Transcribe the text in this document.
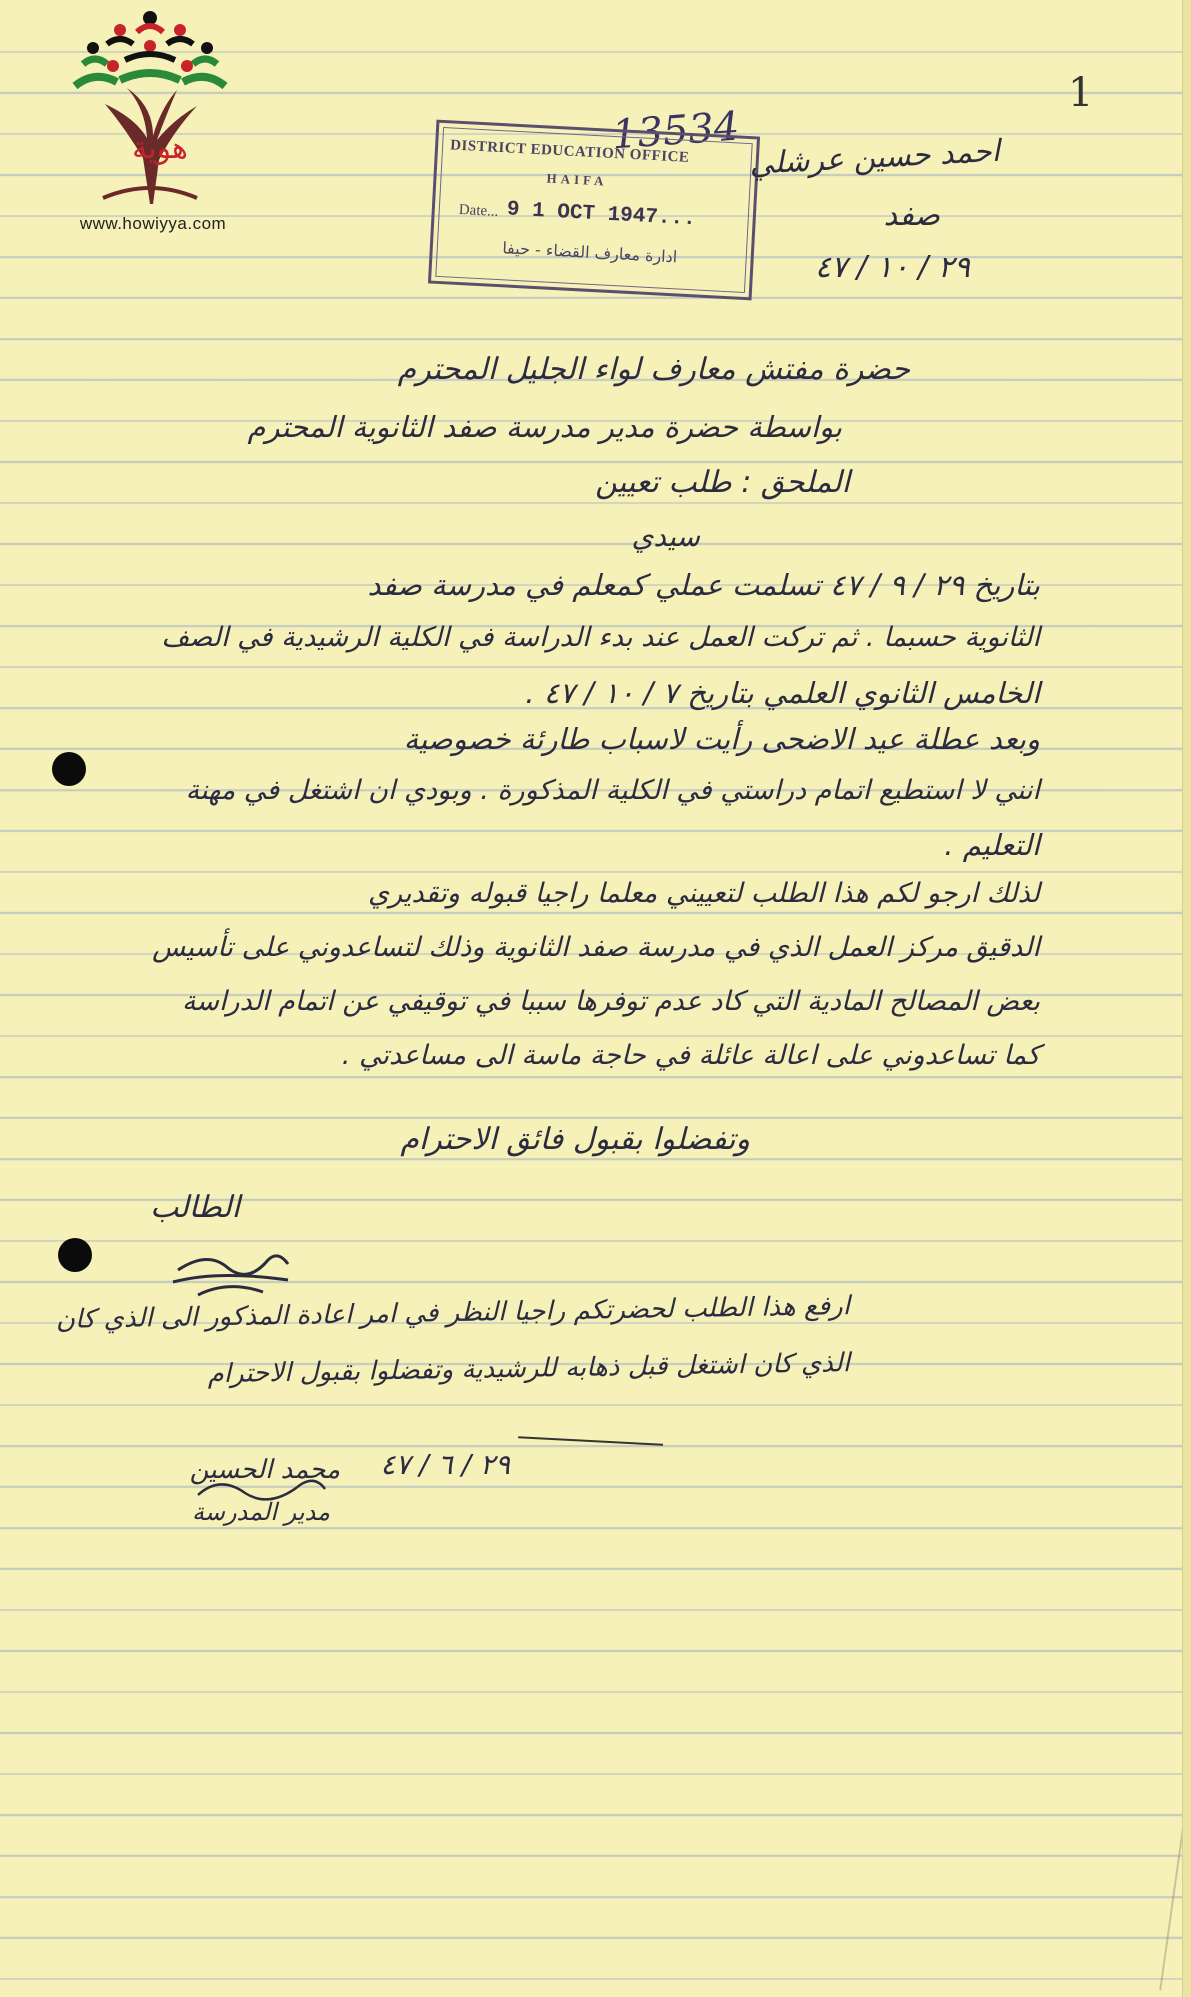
هوية
www.howiyya.com
1
13534
DISTRICT EDUCATION OFFICE
HAIFA
Date... 9 1 OCT 1947...
ادارة معارف القضاء - حيفا
احمد حسين عرشلي
صفد
٢٩ / ١٠ / ٤٧
حضرة مفتش معارف لواء الجليل المحترم
بواسطة حضرة مدير مدرسة صفد الثانوية المحترم
الملحق : طلب تعيين
سيدي
بتاريخ ٢٩ / ٩ / ٤٧ تسلمت عملي كمعلم في مدرسة صفد
الثانوية حسبما . ثم تركت العمل عند بدء الدراسة في الكلية الرشيدية في الصف
الخامس الثانوي العلمي بتاريخ ٧ / ١٠ / ٤٧ .
وبعد عطلة عيد الاضحى رأيت لاسباب طارئة خصوصية
انني لا استطيع اتمام دراستي في الكلية المذكورة . وبودي ان اشتغل في مهنة
التعليم .
لذلك ارجو لكم هذا الطلب لتعييني معلما راجيا قبوله وتقديري
الدقيق مركز العمل الذي في مدرسة صفد الثانوية وذلك لتساعدوني على تأسيس
بعض المصالح المادية التي كاد عدم توفرها سببا في توقيفي عن اتمام الدراسة
كما تساعدوني على اعالة عائلة في حاجة ماسة الى مساعدتي .
وتفضلوا بقبول فائق الاحترام
الطالب
ارفع هذا الطلب لحضرتكم راجيا النظر في امر اعادة المذكور الى الذي كان
الذي كان اشتغل قبل ذهابه للرشيدية وتفضلوا بقبول الاحترام
٢٩ / ٦ / ٤٧
محمد الحسين
مدير المدرسة
